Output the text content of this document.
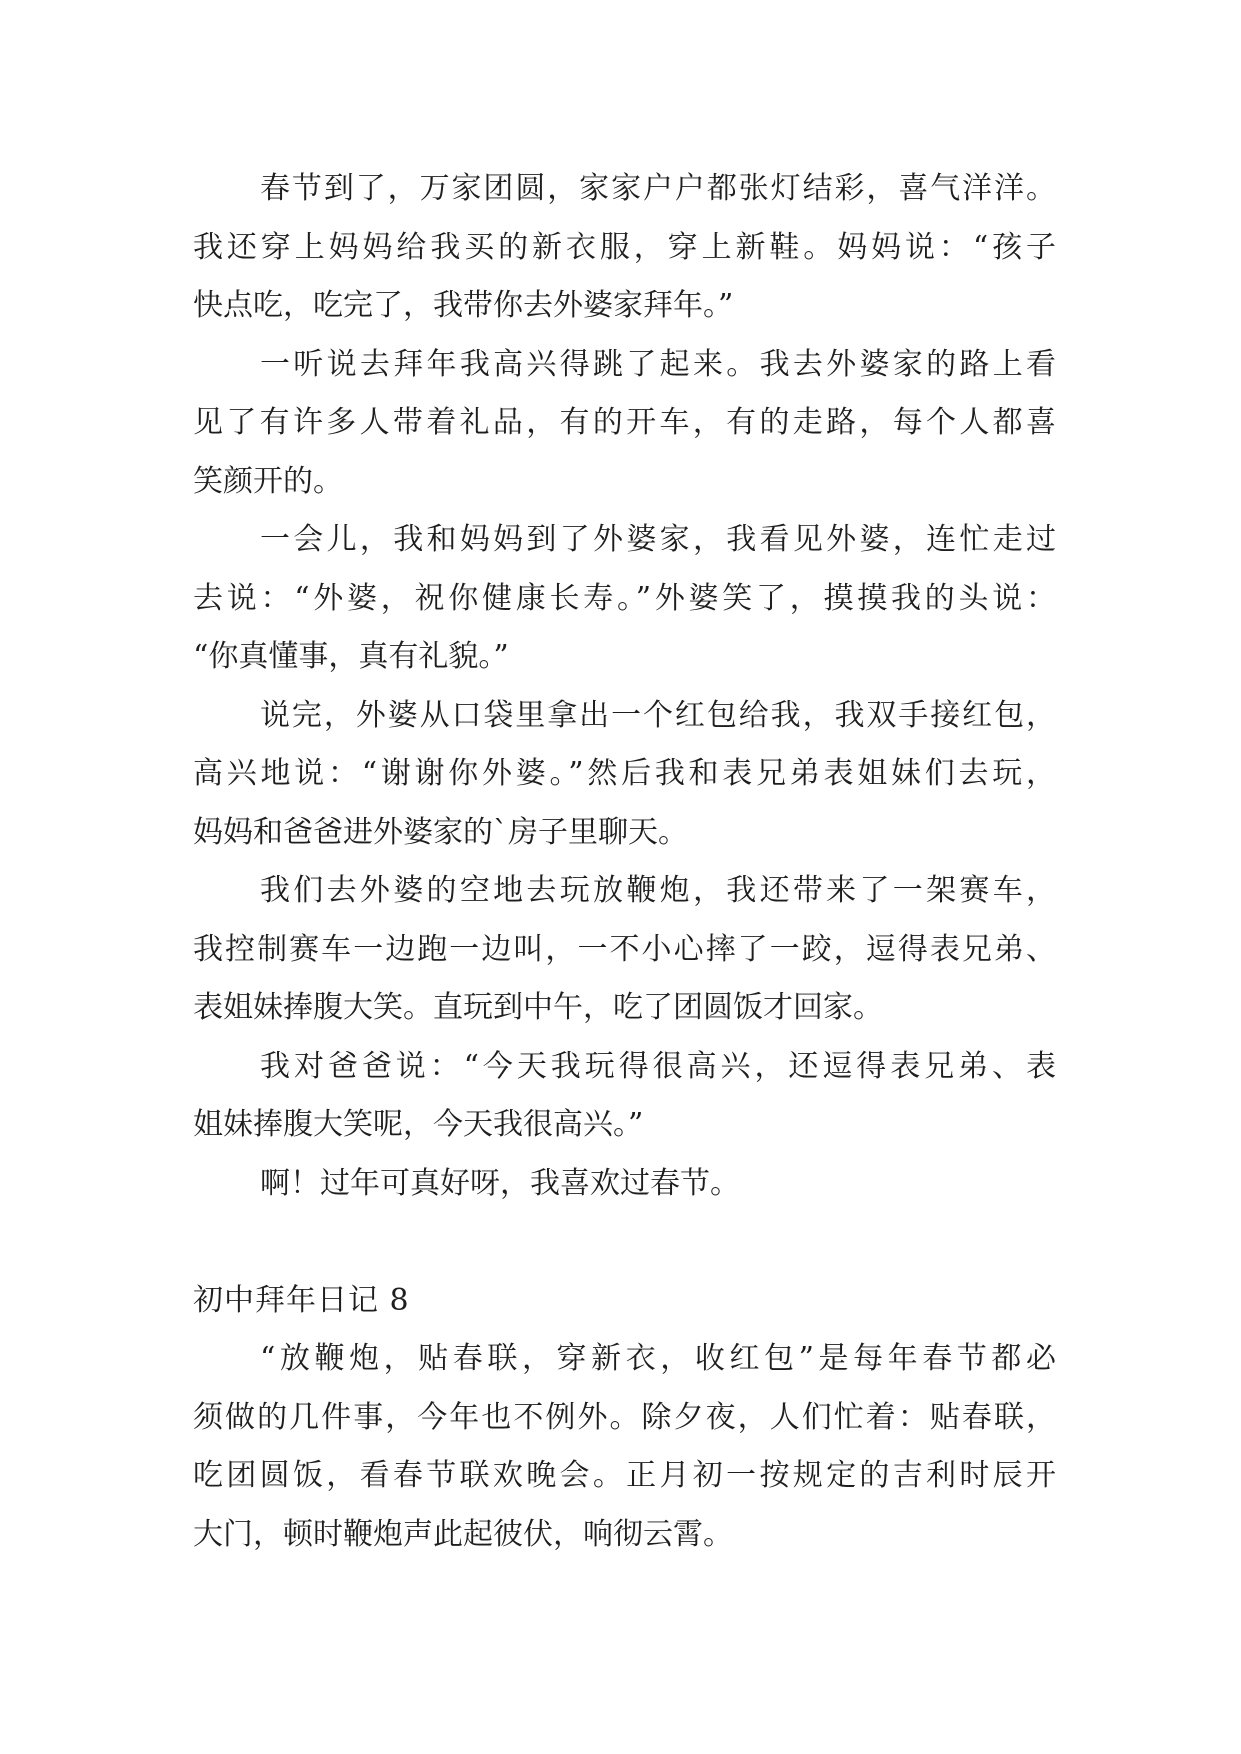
春节到了，万家团圆，家家户户都张灯结彩，喜气洋洋。
我还穿上妈妈给我买的新衣服，穿上新鞋。妈妈说：“孩子
快点吃，吃完了，我带你去外婆家拜年。”
一听说去拜年我高兴得跳了起来。我去外婆家的路上看
见了有许多人带着礼品，有的开车，有的走路，每个人都喜
笑颜开的。
一会儿，我和妈妈到了外婆家，我看见外婆，连忙走过
去说：“外婆，祝你健康长寿。”外婆笑了，摸摸我的头说：
“你真懂事，真有礼貌。”
说完，外婆从口袋里拿出一个红包给我，我双手接红包，
高兴地说：“谢谢你外婆。”然后我和表兄弟表姐妹们去玩，
妈妈和爸爸进外婆家的`房子里聊天。
我们去外婆的空地去玩放鞭炮，我还带来了一架赛车，
我控制赛车一边跑一边叫，一不小心摔了一跤，逗得表兄弟、
表姐妹捧腹大笑。直玩到中午，吃了团圆饭才回家。
我对爸爸说：“今天我玩得很高兴，还逗得表兄弟、表
姐妹捧腹大笑呢，今天我很高兴。”
啊！过年可真好呀，我喜欢过春节。
初中拜年日记 8
“放鞭炮，贴春联，穿新衣，收红包”是每年春节都必
须做的几件事，今年也不例外。除夕夜，人们忙着：贴春联，
吃团圆饭，看春节联欢晚会。正月初一按规定的吉利时辰开
大门，顿时鞭炮声此起彼伏，响彻云霄。
